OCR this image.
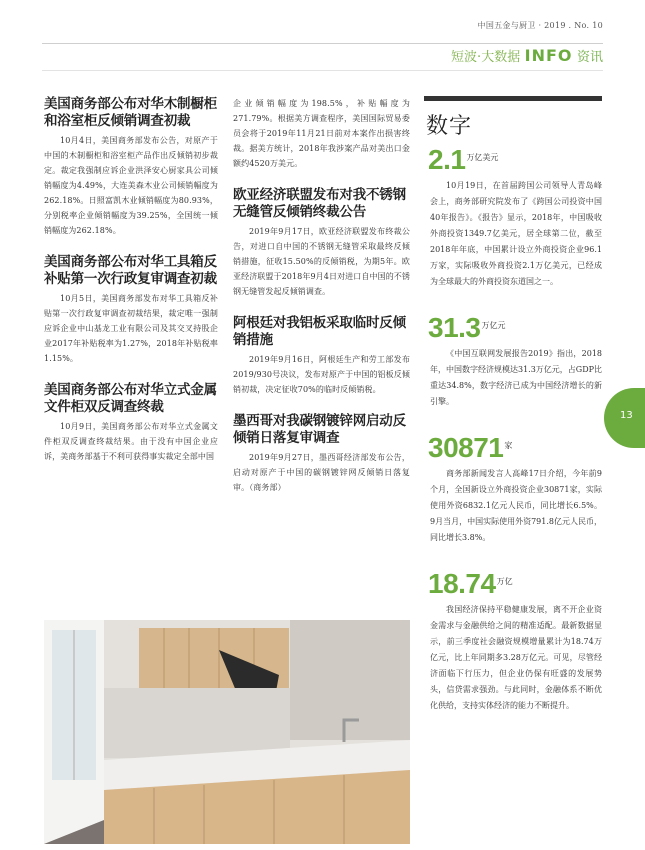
中国五金与厨卫 · 2019 . No. 10
短波·大数据 INFO 资讯
美国商务部公布对华木制橱柜和浴室柜反倾销调查初裁

10月4日，美国商务部发布公告，对原产于中国的木制橱柜和浴室柜产品作出反倾销初步裁定。裁定我强制应诉企业洪泽安心厨家具公司倾销幅度为4.49%，大连美森木业公司倾销幅度为262.18%。日照富凯木业倾销幅度为80.93%，分别税率企业倾销幅度为39.25%，全国统一倾销幅度为262.18%。

美国商务部公布对华工具箱反补贴第一次行政复审调查初裁

10月5日，美国商务部发布对华工具箱反补贴第一次行政复审调查初裁结果，裁定唯一强制应诉企业中山基龙工业有限公司及其交叉持股企业2017年补贴税率为1.27%，2018年补贴税率1.15%。

美国商务部公布对华立式金属文件柜双反调查终裁

10月9日，美国商务部公布对华立式金属文件柜双反调查终裁结果。由于没有中国企业应诉，美商务部基于不利可获得事实裁定全部中国

企业倾销幅度为198.5%，补贴幅度为271.79%。根据美方调查程序，美国国际贸易委员会将于2019年11月21日前对本案作出损害终裁。据美方统计，2018年我涉案产品对美出口金额约4520万美元。

欧亚经济联盟发布对我不锈钢无缝管反倾销终裁公告

2019年9月17日，欧亚经济联盟发布终裁公告，对进口自中国的不锈钢无缝管采取最终反倾销措施，征收15.50%的反倾销税，为期5年。欧亚经济联盟于2018年9月4日对进口自中国的不锈钢无缝管发起反倾销调查。

阿根廷对我铝板采取临时反倾销措施

2019年9月16日，阿根廷生产和劳工部发布2019/930号决议，发布对原产于中国的铝板反倾销初裁，决定征收70%的临时反倾销税。

墨西哥对我碳钢镀锌网启动反倾销日落复审调查

2019年9月27日，墨西哥经济部发布公告，启动对原产于中国的碳钢镀锌网反倾销日落复审。（商务部）

数字
$2.1^{万亿美元}$

10月19日，在首届跨国公司领导人青岛峰会上，商务部研究院发布了《跨国公司投资中国40年报告》。《报告》显示，2018年，中国吸收外商投资1349.7亿美元，居全球第二位，截至2018年年底，中国累计设立外商投资企业96.1万家，实际吸收外商投资2.1万亿美元，已经成为全球最大的外商投资东道国之一。

$31.3^{万亿元}$

《中国互联网发展报告2019》指出，2018年，中国数字经济规模达31.3万亿元，占GDP比重达34.8%，数字经济已成为中国经济增长的新引擎。

$30871^家$

商务部新闻发言人高峰17日介绍，今年前9个月，全国新设立外商投资企业30871家，实际使用外资6832.1亿元人民币，同比增长6.5%。9月当月，中国实际使用外资791.8亿元人民币，同比增长3.8%。

$18.74^{万亿}$

我国经济保持平稳健康发展，离不开企业资金需求与金融供给之间的精准适配。最新数据显示，前三季度社会融资规模增量累计为18.74万亿元，比上年同期多3.28万亿元。可见，尽管经济面临下行压力，但企业仍保有旺盛的发展势头，信贷需求强劲。与此同时，金融体系不断优化供给，支持实体经济的能力不断提升。

13
